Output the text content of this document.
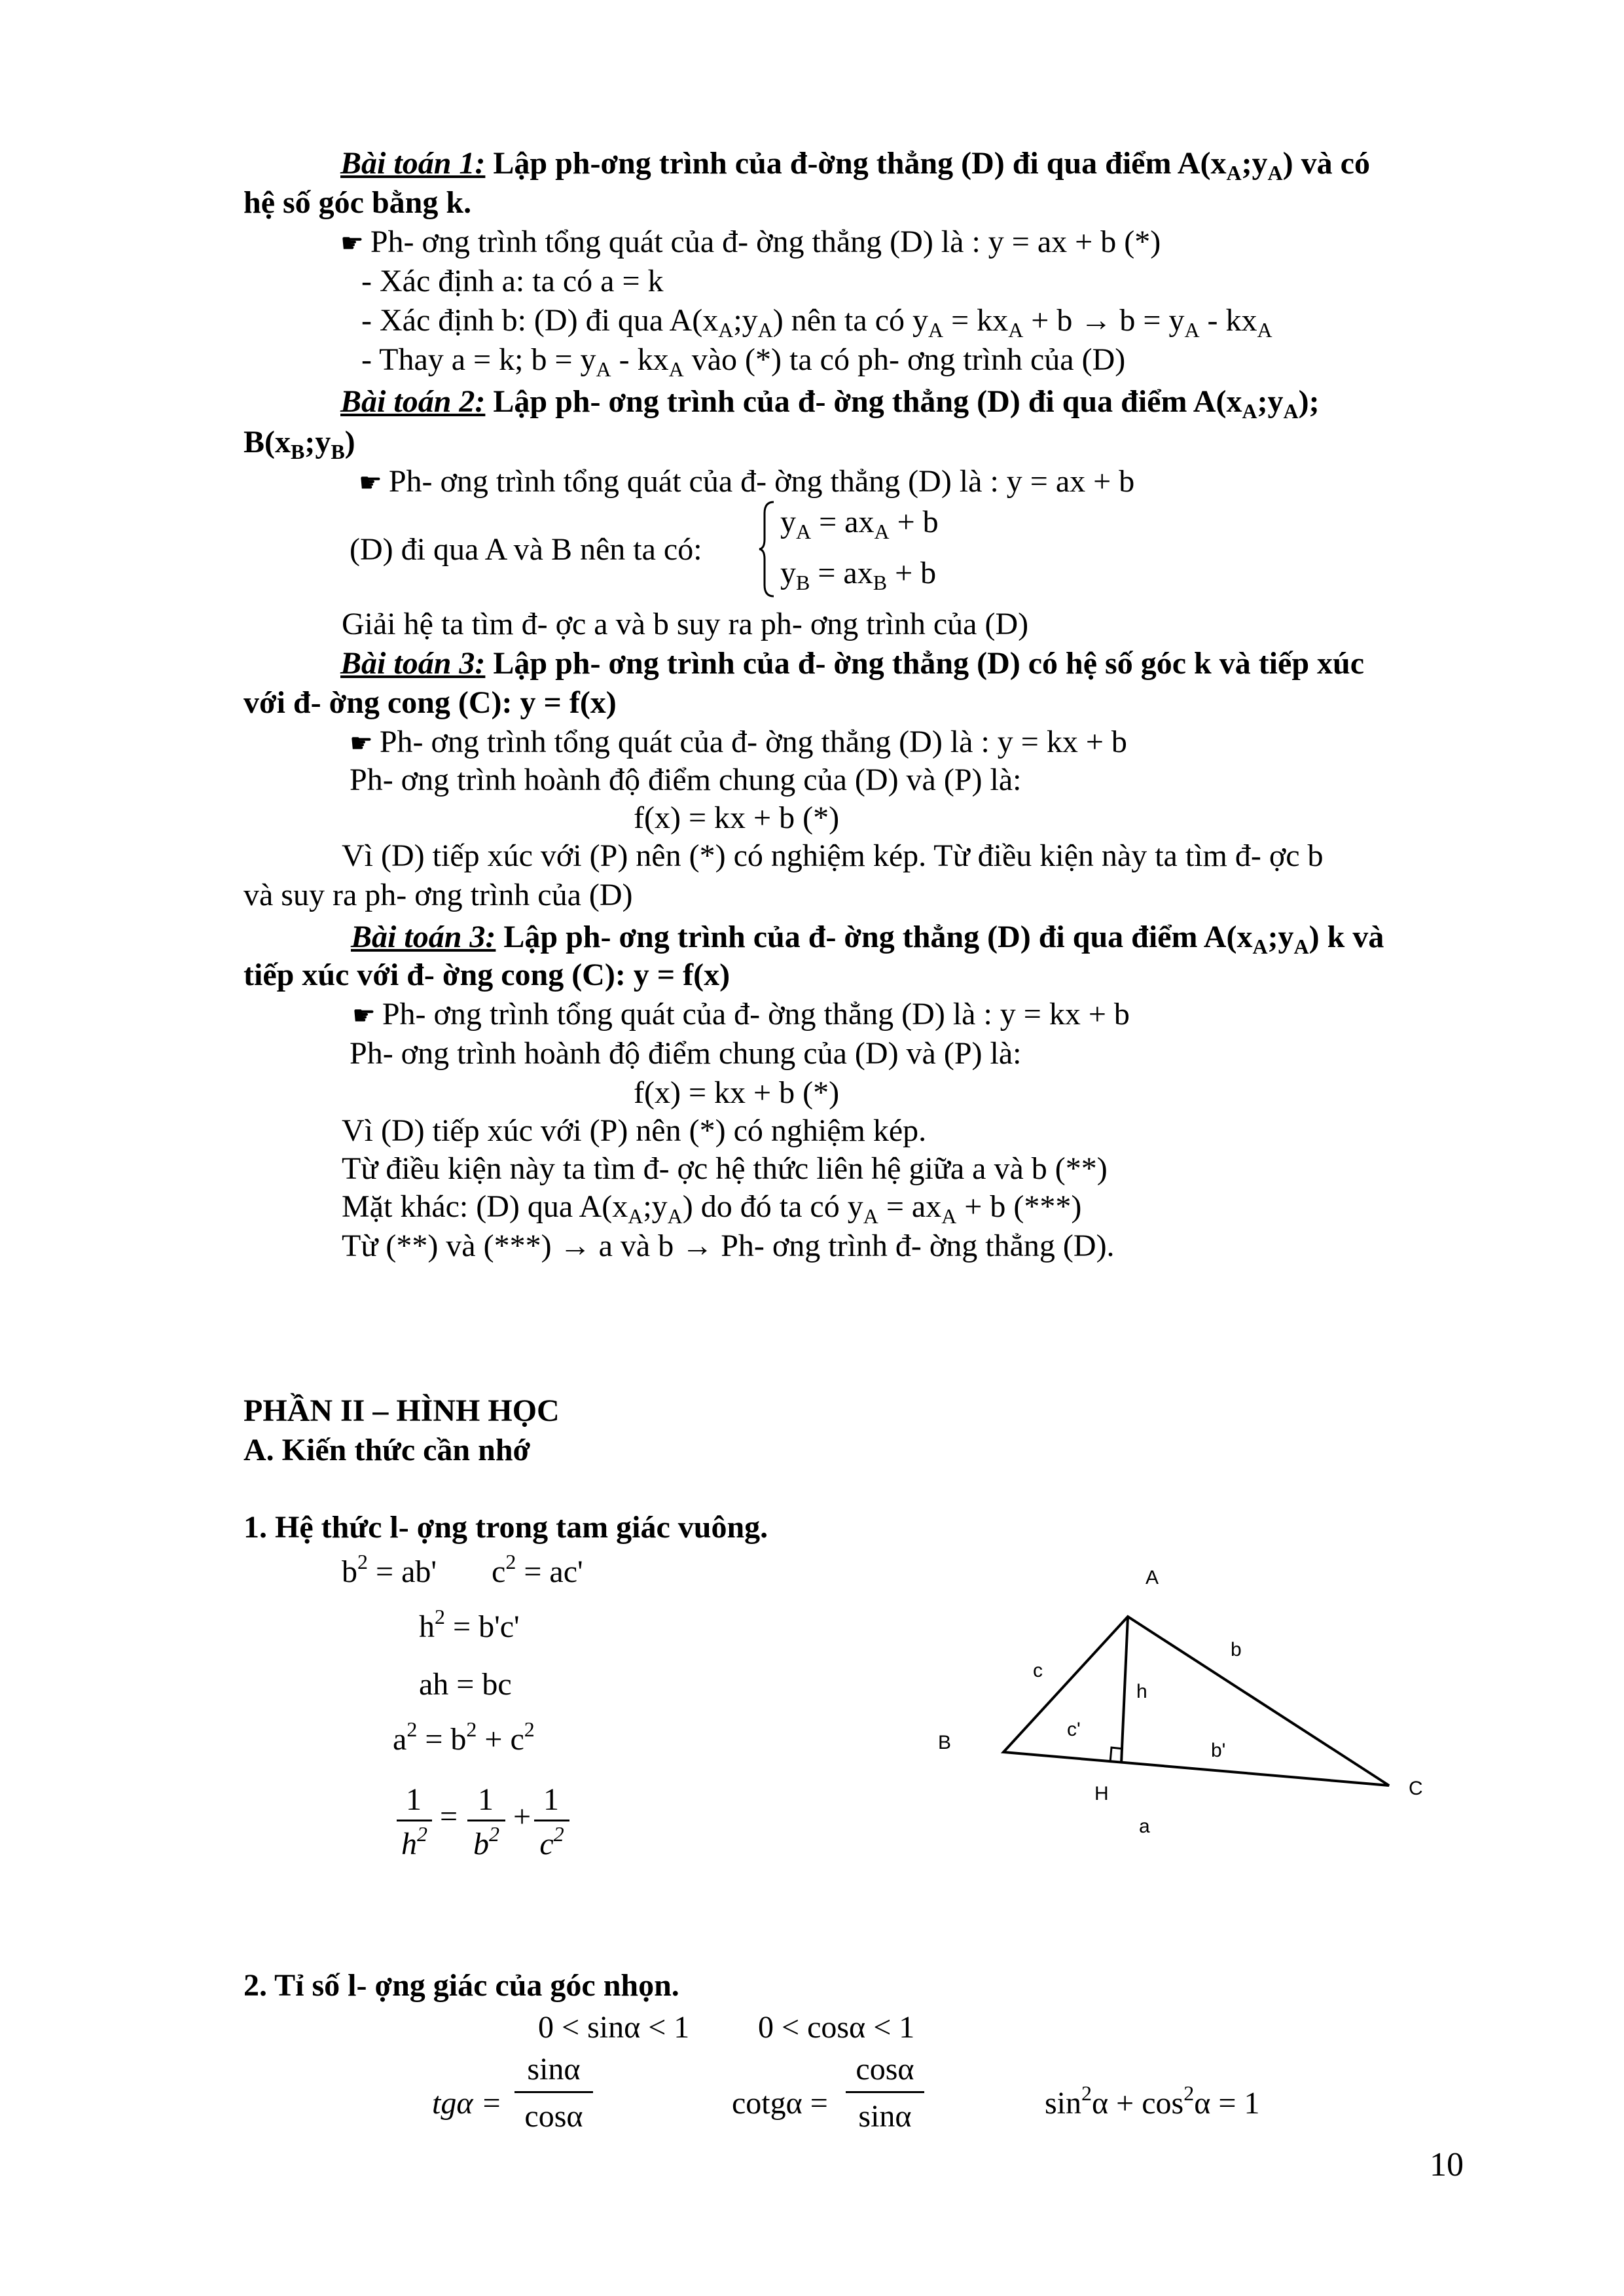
Bài toán 1: Lập ph-ơng trình của đ-ờng thẳng (D) đi qua điểm $A(x_A;y_A)$ và có
hệ số góc bằng k.
☛ Ph- ơng trình tổng quát của đ- ờng thẳng (D) là : y = ax + b (*)
- Xác định a: ta có a = k
- Xác định b: (D) đi qua $A(x_A;y_A)$ nên ta có $y_A = kx_A + b \to b = y_A - kx_A$
- Thay a = k; $b = y_A - kx_A$ vào (*) ta có ph- ơng trình của (D)
Bài toán 2: Lập ph- ơng trình của đ- ờng thẳng (D) đi qua điểm $A(x_A;y_A)$;
$B(x_B;y_B)$
☛ Ph- ơng trình tổng quát của đ- ờng thẳng (D) là : y = ax + b
(D) đi qua A và B nên ta có:
$y_A = ax_A + b$
$y_B = ax_B + b$
Giải hệ ta tìm đ- ợc a và b suy ra ph- ơng trình của (D)
Bài toán 3: Lập ph- ơng trình của đ- ờng thẳng (D) có hệ số góc k và tiếp xúc
với đ- ờng cong (C): y = f(x)
☛ Ph- ơng trình tổng quát của đ- ờng thẳng (D) là : y = kx + b
Ph- ơng trình hoành độ điểm chung của (D) và (P) là:
f(x) = kx + b (*)
Vì (D) tiếp xúc với (P) nên (*) có nghiệm kép. Từ điều kiện này ta tìm đ- ợc b
và suy ra ph- ơng trình của (D)
Bài toán 3: Lập ph- ơng trình của đ- ờng thẳng (D) đi qua điểm $A(x_A;y_A)$ k và
tiếp xúc với đ- ờng cong (C): y = f(x)
☛ Ph- ơng trình tổng quát của đ- ờng thẳng (D) là : y = kx + b
Ph- ơng trình hoành độ điểm chung của (D) và (P) là:
f(x) = kx + b (*)
Vì (D) tiếp xúc với (P) nên (*) có nghiệm kép.
Từ điều kiện này ta tìm đ- ợc hệ thức liên hệ giữa a và b (**)
Mặt khác: (D) qua $A(x_A;y_A)$ do đó ta có $y_A = ax_A + b$ (***)
Từ (**) và (***) → a và b → Ph- ơng trình đ- ờng thẳng (D).
PHẦN II – HÌNH HỌC
A. Kiến thức cần nhớ
1. Hệ thức l- ợng trong tam giác vuông.
$b^2 = ab'$ $c^2 = ac'$
$h^2 = b'c'$
ah = bc
$a^2 = b^2 + c^2$
1
$h^2 = 1$
$b^2 + 1$
$c^2$
A
B
C
H
c
b
h
c'
b'
a
2. Tỉ số l- ợng giác của góc nhọn.
0 < sinα < 1 0 < cosα < 1
tgα =
sinα
cosα	cotgα =
cosα
sinα	$\sin^2\alpha + \cos^2\alpha = 1$
10
